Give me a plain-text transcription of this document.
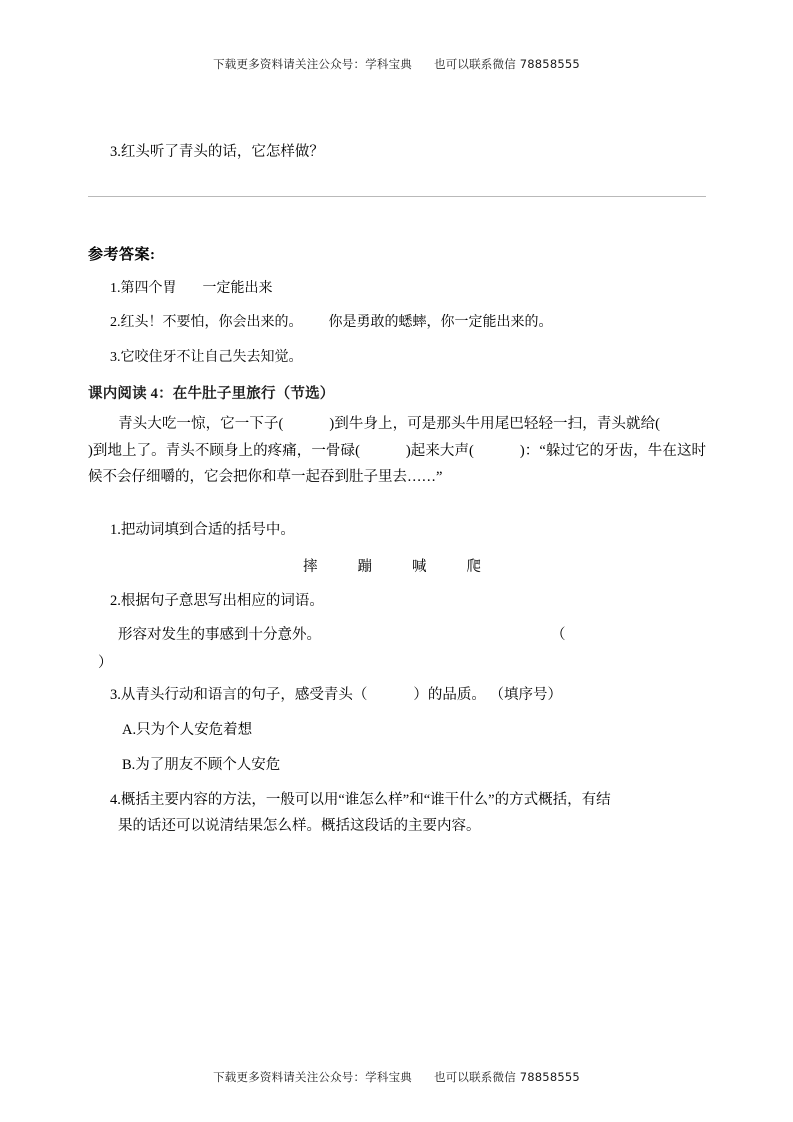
下载更多资料请关注公众号：学科宝典 也可以联系微信 78858555

3.红头听了青头的话，它怎样做？

参考答案:

1.第四个胃 一定能出来

2.红头！不要怕，你会出来的。 你是勇敢的蟋蟀，你一定能出来的。

3.它咬住牙不让自己失去知觉。

课内阅读 4：在牛肚子里旅行（节选）

青头大吃一惊，它一下子(	)到牛身上，可是那头牛用尾巴轻轻一扫，青头就给()到地上了。青头不顾身上的疼痛，一骨碌(	)起来大声(	)：“躲过它的牙齿，牛在这时候不会仔细嚼的，它会把你和草一起吞到肚子里去……”

1.把动词填到合适的括号中。

摔	蹦	喊	爬

2.根据句子意思写出相应的词语。

形容对发生的事感到十分意外。	（

）

3.从青头行动和语言的句子，感受青头（	）的品质。 （填序号）

A.只为个人安危着想

B.为了朋友不顾个人安危

4.概括主要内容的方法，一般可以用“谁怎么样”和“谁干什么”的方式概括，有结

果的话还可以说清结果怎么样。概括这段话的主要内容。

下载更多资料请关注公众号：学科宝典 也可以联系微信 78858555
